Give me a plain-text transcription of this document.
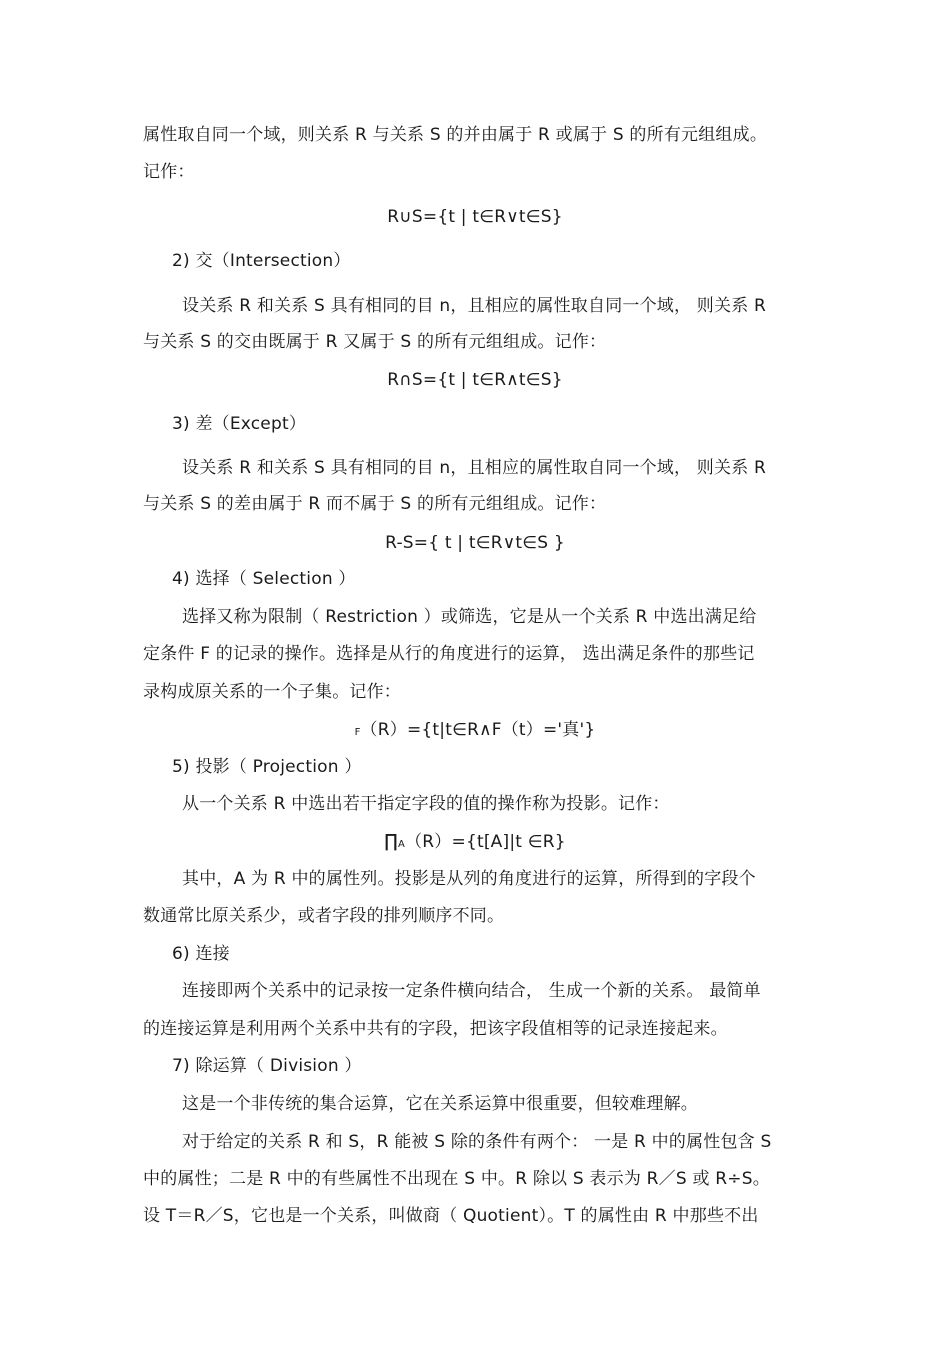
属性取自同一个域，则关系 R 与关系 S 的并由属于 R 或属于 S 的所有元组组成。
记作：
R∪S={t | t∈R∨t∈S}
2) 交（Intersection）
设关系 R 和关系 S 具有相同的目 n，且相应的属性取自同一个域， 则关系 R
与关系 S 的交由既属于 R 又属于 S 的所有元组组成。记作：
R∩S={t | t∈R∧t∈S}
3) 差（Except）
设关系 R 和关系 S 具有相同的目 n，且相应的属性取自同一个域， 则关系 R
与关系 S 的差由属于 R 而不属于 S 的所有元组组成。记作：
R-S={ t | t∈R∨t∈S }
4) 选择（ Selection ）
选择又称为限制（ Restriction ）或筛选，它是从一个关系 R 中选出满足给
定条件 F 的记录的操作。选择是从行的角度进行的运算， 选出满足条件的那些记
录构成原关系的一个子集。记作：
F（R）={t|t∈R∧F（t）='真'}
5) 投影（ Projection ）
从一个关系 R 中选出若干指定字段的值的操作称为投影。记作：
∏A（R）={t[A]|t ∈R}
其中，A 为 R 中的属性列。投影是从列的角度进行的运算，所得到的字段个
数通常比原关系少，或者字段的排列顺序不同。
6) 连接
连接即两个关系中的记录按一定条件横向结合， 生成一个新的关系。 最简单
的连接运算是利用两个关系中共有的字段，把该字段值相等的记录连接起来。
7) 除运算（ Division ）
这是一个非传统的集合运算，它在关系运算中很重要，但较难理解。
对于给定的关系 R 和 S，R 能被 S 除的条件有两个： 一是 R 中的属性包含 S
中的属性；二是 R 中的有些属性不出现在 S 中。R 除以 S 表示为 R／S 或 R÷S。
设 T＝R／S，它也是一个关系，叫做商（ Quotient）。T 的属性由 R 中那些不出
